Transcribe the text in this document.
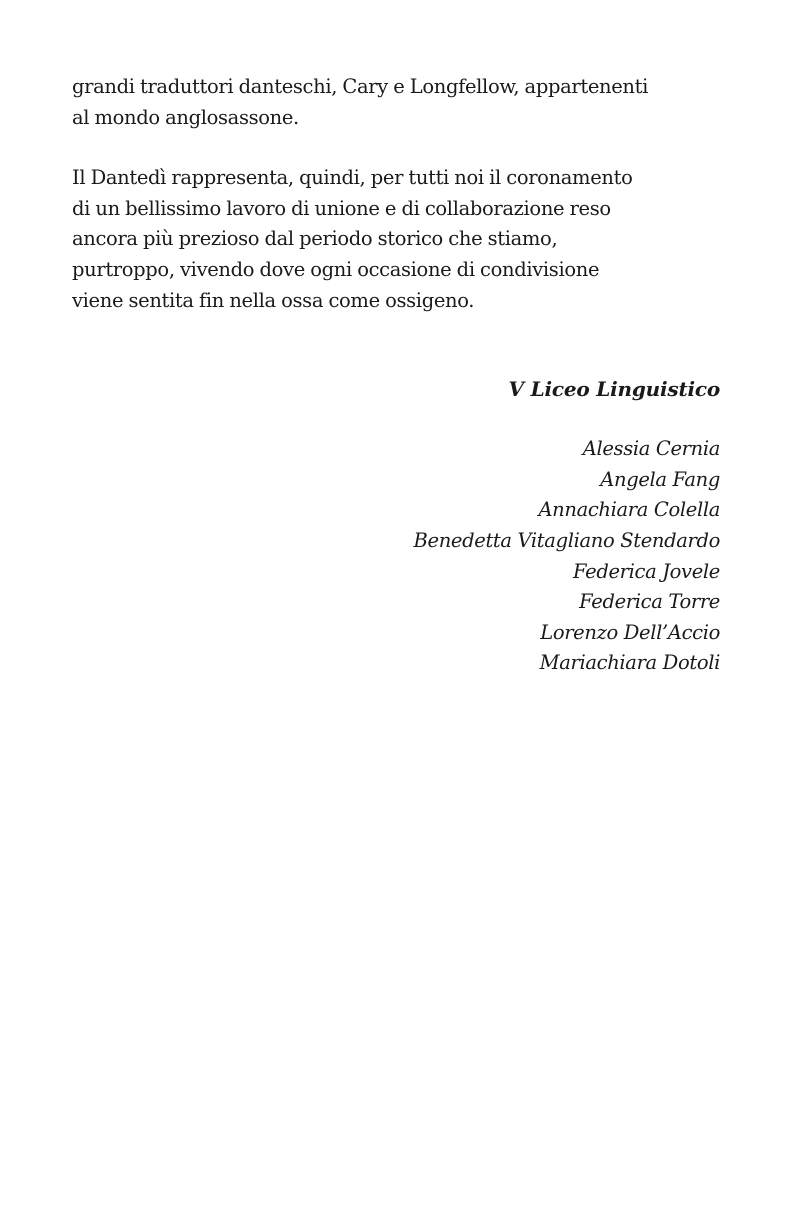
grandi traduttori danteschi, Cary e Longfellow, appartenenti
al mondo anglosassone.

Il Dantedì rappresenta, quindi, per tutti noi il coronamento
di un bellissimo lavoro di unione e di collaborazione reso
ancora più prezioso dal periodo storico che stiamo,
purtroppo, vivendo dove ogni occasione di condivisione
viene sentita fin nella ossa come ossigeno.

V Liceo Linguistico
Alessia Cernia
Angela Fang
Annachiara Colella
Benedetta Vitagliano Stendardo
Federica Jovele
Federica Torre
Lorenzo Dell’Accio
Mariachiara Dotoli
